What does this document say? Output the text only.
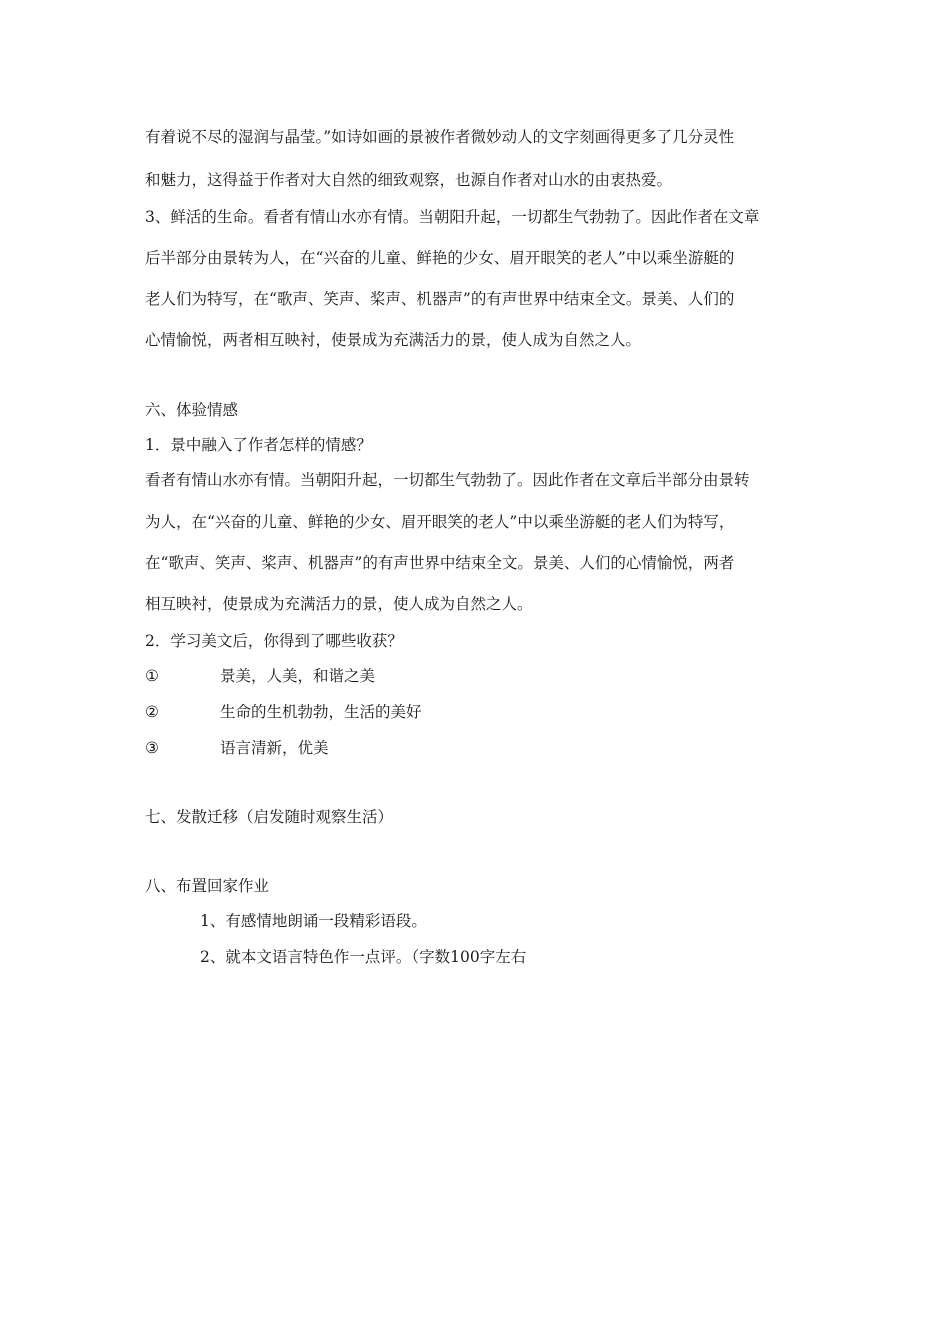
有着说不尽的湿润与晶莹。”如诗如画的景被作者微妙动人的文字刻画得更多了几分灵性
和魅力，这得益于作者对大自然的细致观察，也源自作者对山水的由衷热爱。
3、鲜活的生命。看者有情山水亦有情。当朝阳升起，一切都生气勃勃了。因此作者在文章
后半部分由景转为人，在“兴奋的儿童、鲜艳的少女、眉开眼笑的老人”中以乘坐游艇的
老人们为特写，在“歌声、笑声、桨声、机器声”的有声世界中结束全文。景美、人们的
心情愉悦，两者相互映衬，使景成为充满活力的景，使人成为自然之人。
六、体验情感
1．景中融入了作者怎样的情感？
看者有情山水亦有情。当朝阳升起，一切都生气勃勃了。因此作者在文章后半部分由景转
为人，在“兴奋的儿童、鲜艳的少女、眉开眼笑的老人”中以乘坐游艇的老人们为特写，
在“歌声、笑声、桨声、机器声”的有声世界中结束全文。景美、人们的心情愉悦，两者
相互映衬，使景成为充满活力的景，使人成为自然之人。
2．学习美文后，你得到了哪些收获？
①	景美，人美，和谐之美
②	生命的生机勃勃，生活的美好
③	语言清新，优美
七、发散迁移（启发随时观察生活）
八、布置回家作业
1、有感情地朗诵一段精彩语段。
2、就本文语言特色作一点评。（字数100字左右
